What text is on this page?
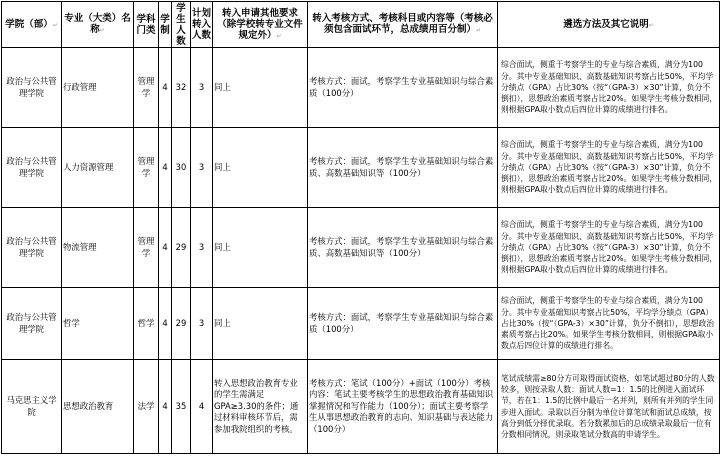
学院（部）↵	专业（大类）名称↵	学科门类	学制	学生人数	计划转入人数	转入申请其他要求（除学校转专业文件规定外）↵	转入考核方式、考核科目或内容等（考核必须包含面试环节，总成绩用百分制）↵	遴选方法及其它说明↵
政治与公共管理学院	行政管理	管理学	4	32	3	同上	考核方式：面试，考察学生专业基础知识与综合素质（100分）	综合面试，侧重于考察学生的专业与综合素质，满分为100分。其中专业基础知识、高数基础知识考察占比50%，平均学分绩点（GPA）占比30%（按“（GPA-3）×30”计算，负分不倒扣），思想政治素质考察占比20%。如果学生考核分数相同，则根据GPA取小数点后四位计算的成绩进行排名。
政治与公共管理学院	人力资源管理	管理学	4	30	3	同上	考核方式：面试，考察学生专业基础知识与综合素质、高数基础知识等（100分）	综合面试，侧重于考察学生的专业与综合素质，满分为100分。其中专业基础知识、高数基础知识考察占比50%，平均学分绩点（GPA）占比30%（按“（GPA-3）×30”计算，负分不倒扣），思想政治素质考察占比20%。如果学生考核分数相同，则根据GPA取小数点后四位计算的成绩进行排名。
政治与公共管理学院	物流管理	管理学	4	29	3	同上	考核方式：面试，考察学生专业基础知识与综合素质、高数基础知识等（100分）	综合面试，侧重于考察学生的专业与综合素质，满分为100分。其中专业基础知识、高数基础知识考察占比50%，平均学分绩点（GPA）占比30%（按“（GPA-3）×30”计算，负分不倒扣），思想政治素质考察占比20%。如果学生考核分数相同，则根据GPA取小数点后四位计算的成绩进行排名。
政治与公共管理学院	哲学	哲学	4	29	3	同上	考核方式：面试，考察学生专业基础知识与综合素质（100分）	综合面试，侧重于考察学生的专业与综合素质，满分为100分。其中专业基础知识考察占比50%，平均学分绩点（GPA）占比30%（按“（GPA-3）×30”计算，负分不倒扣），思想政治素质考察占比20%。如果学生考核分数相同，则根据GPA取小数点后四位计算的成绩进行排名。
马克思主义学院	思想政治教育	法学	4	35	4	转入思想政治教育专业的学生需满足GPA≥3.30的条件；通过材料审核环节后，需参加我院组织的考核。	考核方式：笔试（100分）+面试（100分）考核内容：笔试主要考核学生的思想政治教育基础知识掌握情况和写作能力（100分）；面试主要考察学生从事思想政治教育的志向、知识基础与表达能力（100分）	笔试成绩需≥80分方可取得面试资格，如笔试超过80分的人数较多，则按录取人数：面试人数=1：1.5的比例进入面试环节，若在1：1.5的比例中最后一名并列，则所有并列的学生同步进入面试。录取以百分制为单位计算笔试和面试总成绩，按高分到低分择优录取。若分数累加后的总成绩录取最后一位有分数相同情况，则录取笔试分数高的申请学生。
